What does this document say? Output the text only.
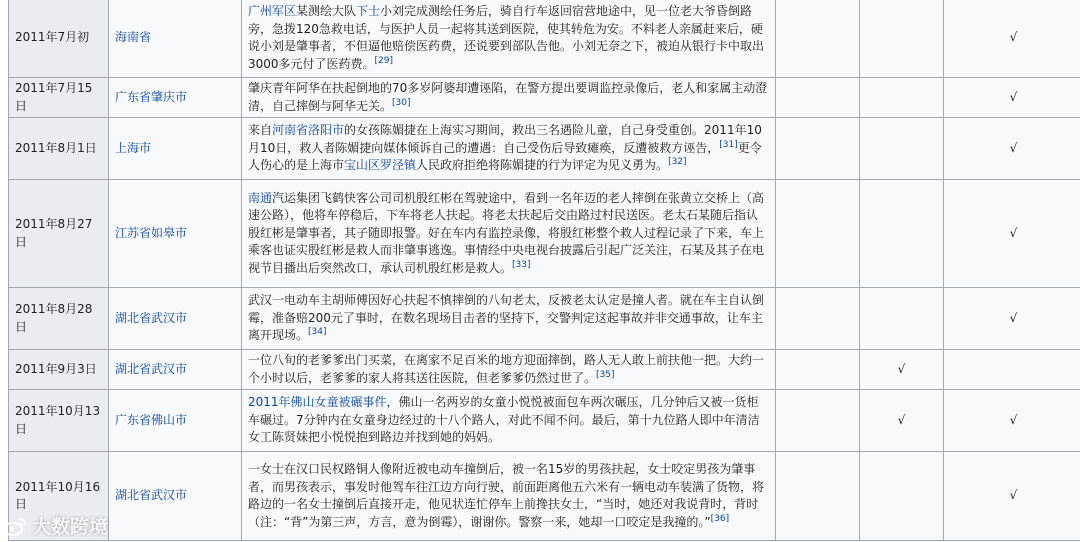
2011年7月初	海南省	广州军区某测绘大队下士小刘完成测绘任务后，骑自行车返回宿营地途中，见一位老大爷昏倒路旁，急拨120急救电话，与医护人员一起将其送到医院，使其转危为安。不料老人亲属赶来后，硬说小刘是肇事者，不但逼他赔偿医药费，还说要到部队告他。小刘无奈之下，被迫从银行卡中取出3000多元付了医药费。[29]			√
2011年7月15日	广东省肇庆市	肇庆青年阿华在扶起倒地的70多岁阿婆却遭诬陷，在警方提出要调监控录像后，老人和家属主动澄清，自己摔倒与阿华无关。[30]			√
2011年8月1日	上海市	来自河南省洛阳市的女孩陈媚捷在上海实习期间，救出三名遇险儿童，自己身受重创。2011年10月10日，救人者陈媚捷向媒体倾诉自己的遭遇：自己受伤后导致瘫痪，反遭被救方诬告，[31]更令人伤心的是上海市宝山区罗泾镇人民政府拒绝将陈媚捷的行为评定为见义勇为。[32]			√
2011年8月27日	江苏省如皋市	南通汽运集团飞鹤快客公司司机殷红彬在驾驶途中，看到一名年迈的老人摔倒在张黄立交桥上（高速公路），他将车停稳后，下车将老人扶起。将老太扶起后交由路过村民送医。老太石某随后指认殷红彬是肇事者，其子随即报警。好在车内有监控录像，将殷红彬整个救人过程记录了下来，车上乘客也证实殷红彬是救人而非肇事逃逸。事情经中央电视台披露后引起广泛关注，石某及其子在电视节目播出后突然改口，承认司机殷红彬是救人。[33]			√
2011年8月28日	湖北省武汉市	武汉一电动车主胡师傅因好心扶起不慎摔倒的八旬老太，反被老太认定是撞人者。就在车主自认倒霉，准备赔200元了事时，在数名现场目击者的坚持下，交警判定这起事故并非交通事故，让车主离开现场。[34]			√
2011年9月3日	湖北省武汉市	一位八旬的老爹爹出门买菜，在离家不足百米的地方迎面摔倒，路人无人敢上前扶他一把。大约一个小时以后，老爹爹的家人将其送往医院，但老爹爹仍然过世了。[35]		√	
2011年10月13日	广东省佛山市	2011年佛山女童被碾事件，佛山一名两岁的女童小悦悦被面包车两次碾压，几分钟后又被一货柜车碾过。7分钟内在女童身边经过的十八个路人，对此不闻不问。最后，第十九位路人即中年清洁女工陈贤妹把小悦悦抱到路边并找到她的妈妈。		√	√
2011年10月16日	湖北省武汉市	一女士在汉口民权路铜人像附近被电动车撞倒后，被一名15岁的男孩扶起，女士咬定男孩为肇事者，而男孩表示，事发时他驾车往江边方向行驶，前面距离他五六米有一辆电动车装满了货物，将路边的一名女士撞倒后直接开走，他见状连忙停车上前搀扶女士，“当时，她还对我说背时，背时（注：“背”为第三声，方言，意为倒霉），谢谢你。警察一来，她却一口咬定是我撞的。”[36]			√
大数跨境
